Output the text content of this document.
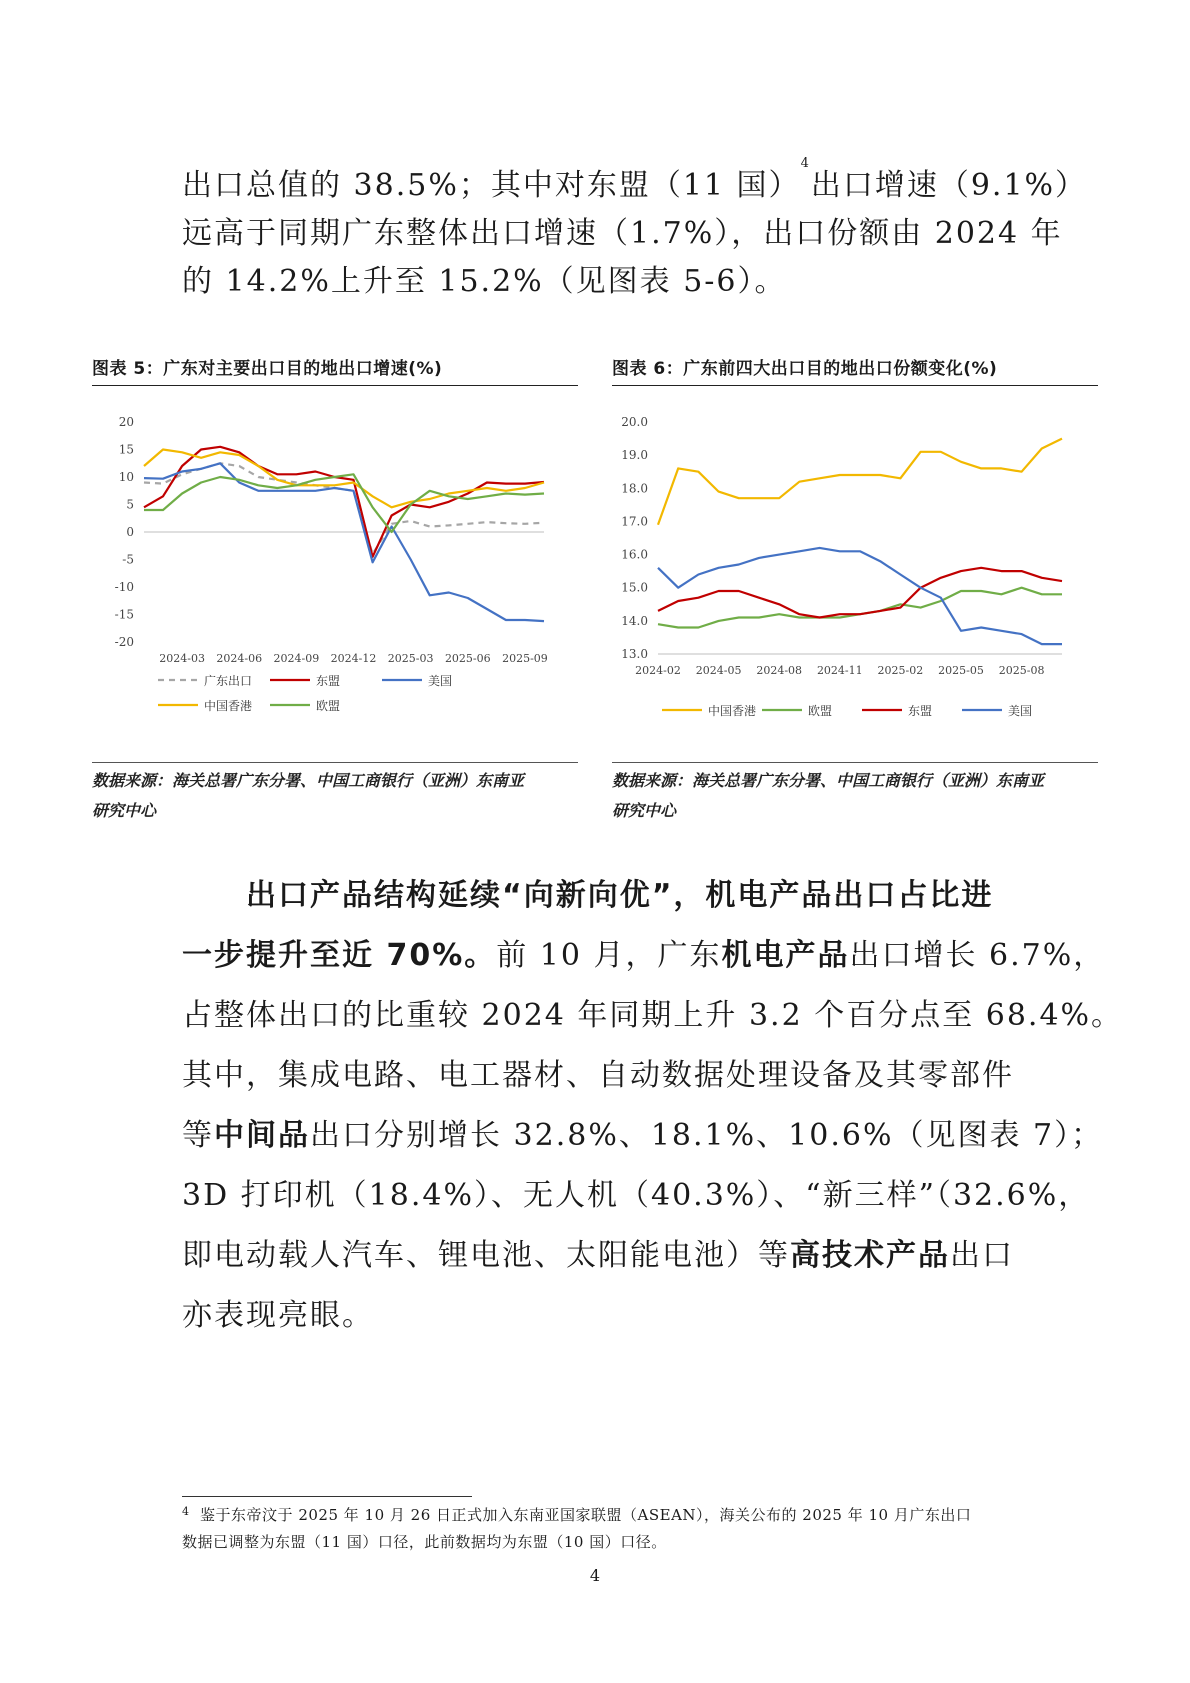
出口总值的 38.5%；其中对东盟（11 国）$^4$出口增速（9.1%）
远高于同期广东整体出口增速（1.7%），出口份额由 2024 年
的 14.2%上升至 15.2%（见图表 5-6）。
图表 5：广东对主要出口目的地出口增速(%)
20
15
10
5
0
-5
-10
-15
-20
2024-03 2024-06 2024-09 2024-12 2025-03 2025-06 2025-09
广东出口	东盟	美国
中国香港	欧盟
数据来源：海关总署广东分署、中国工商银行（亚洲）东南亚
研究中心
图表 6：广东前四大出口目的地出口份额变化(%)
20.0
19.0
18.0
17.0
16.0
15.0
14.0
13.0
2024-02 2024-05 2024-08 2024-11 2025-02 2025-05 2025-08
中国香港	欧盟	东盟	美国
数据来源：海关总署广东分署、中国工商银行（亚洲）东南亚
研究中心
出口产品结构延续“向新向优”，机电产品出口占比进
一步提升至近 70%。前 10 月，广东机电产品出口增长 6.7%，
占整体出口的比重较 2024 年同期上升 3.2 个百分点至 68.4%。
其中，集成电路、电工器材、自动数据处理设备及其零部件
等中间品出口分别增长 32.8%、18.1%、10.6%（见图表 7）；
3D 打印机（18.4%）、无人机（40.3%）、“新三样”（32.6%，
即电动载人汽车、锂电池、太阳能电池）等高技术产品出口
亦表现亮眼。
$^4$ 鉴于东帝汶于 2025 年 10 月 26 日正式加入东南亚国家联盟（ASEAN），海关公布的 2025 年 10 月广东出口
数据已调整为东盟（11 国）口径，此前数据均为东盟（10 国）口径。
4
